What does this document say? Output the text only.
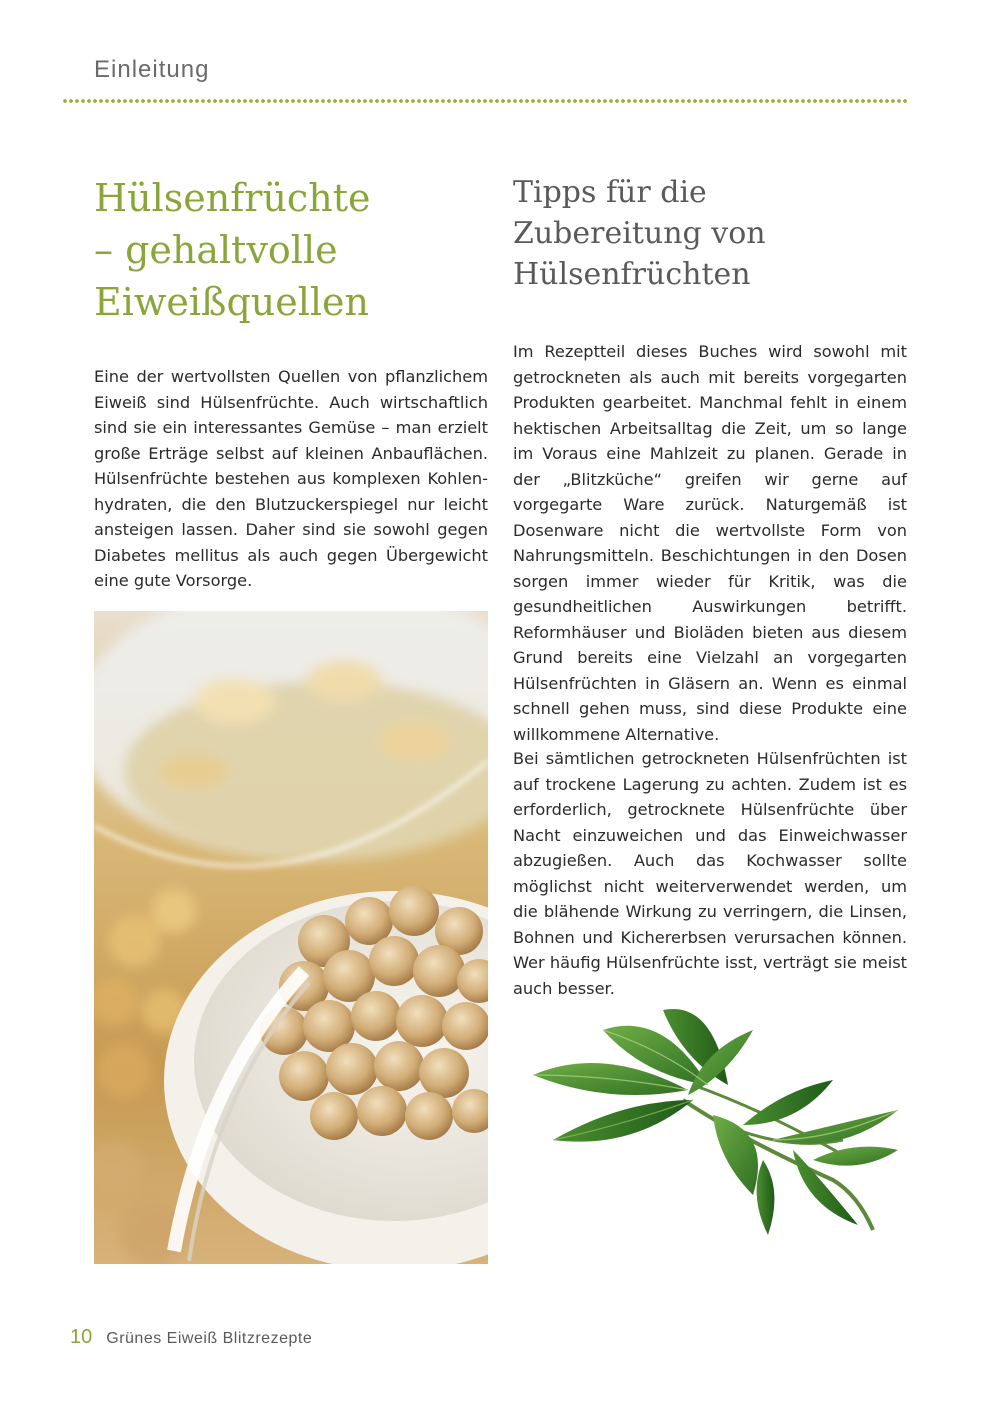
Einleitung
Hülsenfrüchte
– gehaltvolle
Eiweißquellen

Eine der wertvollsten Quellen von pflanzlichem Eiweiß sind Hülsenfrüchte. Auch wirtschaftlich sind sie ein interessantes Gemüse – man erzielt große Erträge selbst auf kleinen Anbauflächen. Hülsenfrüchte bestehen aus komplexen Kohlenhydraten, die den Blutzuckerspiegel nur leicht ansteigen lassen. Daher sind sie sowohl gegen Diabetes mellitus als auch gegen Übergewicht eine gute Vorsorge.

Tipps für die
Zubereitung von
Hülsenfrüchten

Im Rezeptteil dieses Buches wird sowohl mit getrockneten als auch mit bereits vorgegarten Produkten gearbeitet. Manchmal fehlt in einem hektischen Arbeitsalltag die Zeit, um so lange im Voraus eine Mahlzeit zu planen. Gerade in der „Blitzküche“ greifen wir gerne auf vorgegarte Ware zurück. Naturgemäß ist Dosenware nicht die wertvollste Form von Nahrungsmitteln. Beschichtungen in den Dosen sorgen immer wieder für Kritik, was die gesundheitlichen Auswirkungen betrifft. Reformhäuser und Bioläden bieten aus diesem Grund bereits eine Vielzahl an vorgegarten Hülsenfrüchten in Gläsern an. Wenn es einmal schnell gehen muss, sind diese Produkte eine willkommene Alternative.

Bei sämtlichen getrockneten Hülsenfrüchten ist auf trockene Lagerung zu achten. Zudem ist es erforderlich, getrocknete Hülsenfrüchte über Nacht einzuweichen und das Einweichwasser abzugießen. Auch das Kochwasser sollte möglichst nicht weiterverwendet werden, um die blähende Wirkung zu verringern, die Linsen, Bohnen und Kichererbsen verursachen können. Wer häufig Hülsenfrüchte isst, verträgt sie meist auch besser.

10 Grünes Eiweiß Blitzrezepte
